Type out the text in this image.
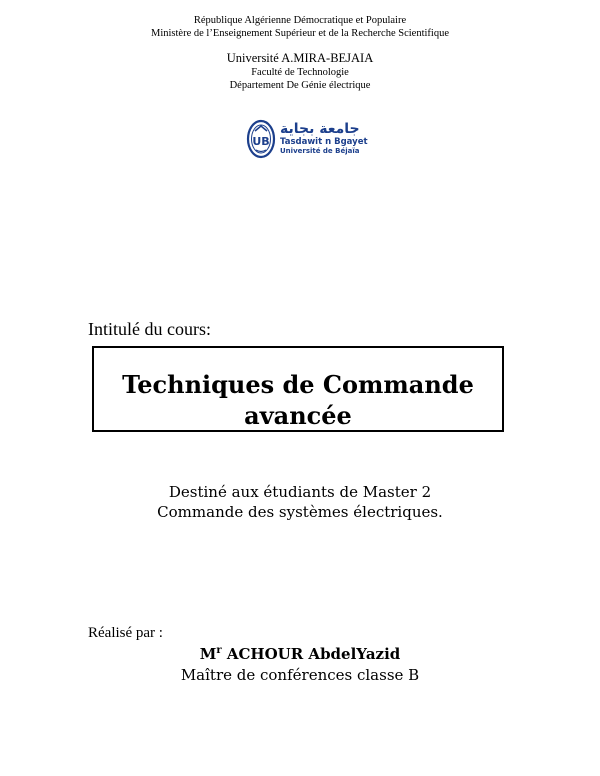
République Algérienne Démocratique et Populaire
Ministère de l’Enseignement Supérieur et de la Recherche Scientifique
Université A.MIRA-BEJAIA
Faculté de Technologie
Département De Génie électrique
UB
جامعة بجاية
Tasdawit n Bgayet
Université de Béjaïa
Intitulé du cours:
Techniques de Commande
avancée
Destiné aux étudiants de Master 2
Commande des systèmes électriques.
Réalisé par :
$M^r$ ACHOUR AbdelYazid
Maître de conférences classe B
